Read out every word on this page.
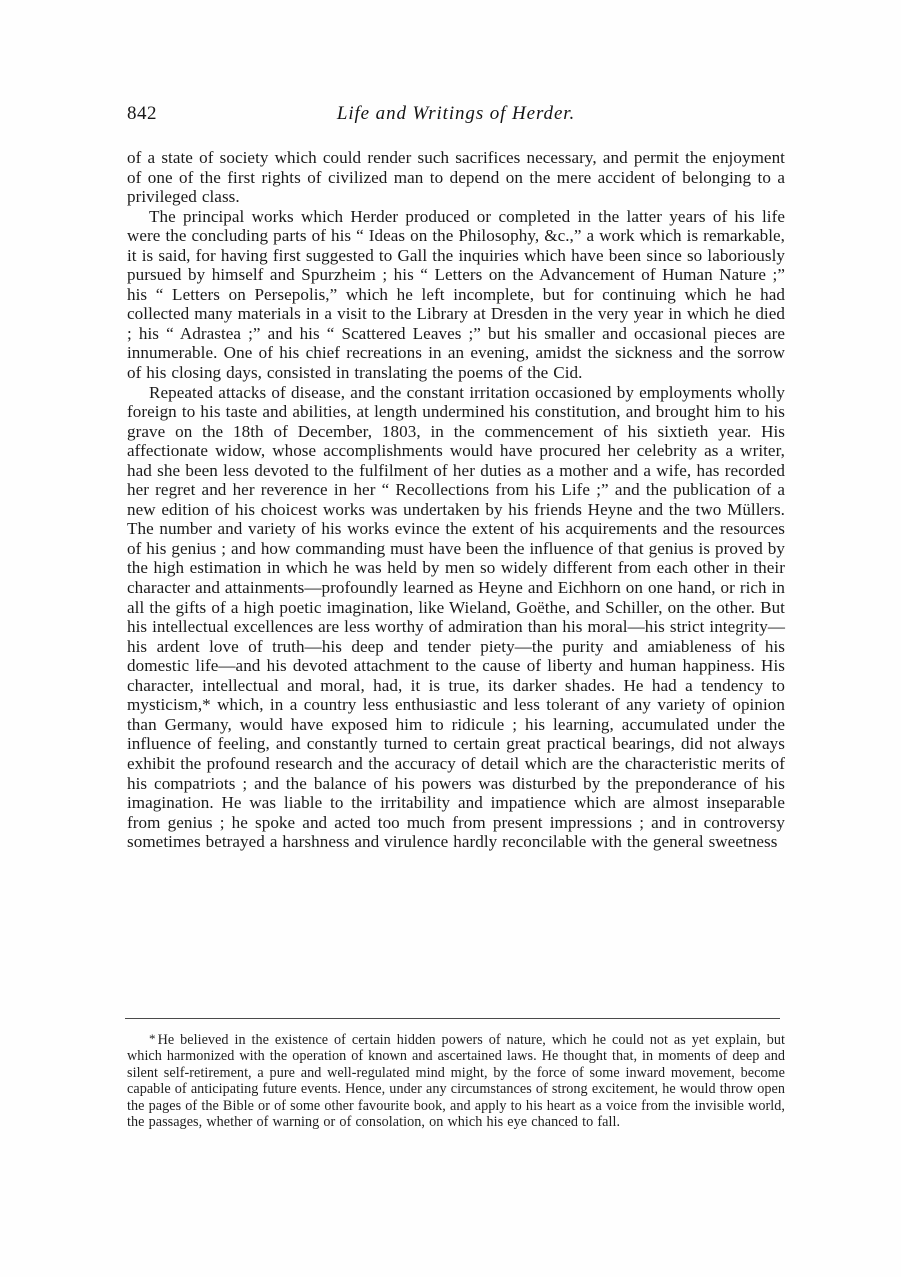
842	Life and Writings of Herder.

of a state of society which could render such sacrifices necessary, and permit the enjoyment of one of the first rights of civilized man to depend on the mere accident of belonging to a privileged class.

The principal works which Herder produced or completed in the latter years of his life were the concluding parts of his “ Ideas on the Philosophy, &c.,” a work which is remarkable, it is said, for having first suggested to Gall the inquiries which have been since so laboriously pursued by himself and Spurzheim ; his “ Letters on the Advancement of Human Nature ;” his “ Letters on Persepolis,” which he left incomplete, but for continuing which he had collected many materials in a visit to the Library at Dresden in the very year in which he died ; his “ Adrastea ;” and his “ Scattered Leaves ;” but his smaller and occasional pieces are innumerable. One of his chief recreations in an evening, amidst the sickness and the sorrow of his closing days, consisted in translating the poems of the Cid.

Repeated attacks of disease, and the constant irritation occasioned by employments wholly foreign to his taste and abilities, at length undermined his constitution, and brought him to his grave on the 18th of December, 1803, in the commencement of his sixtieth year. His affectionate widow, whose accomplishments would have procured her celebrity as a writer, had she been less devoted to the fulfilment of her duties as a mother and a wife, has recorded her regret and her reverence in her “ Recollections from his Life ;” and the publication of a new edition of his choicest works was undertaken by his friends Heyne and the two Müllers. The number and variety of his works evince the extent of his acquirements and the resources of his genius ; and how commanding must have been the influence of that genius is proved by the high estimation in which he was held by men so widely different from each other in their character and attainments—profoundly learned as Heyne and Eichhorn on one hand, or rich in all the gifts of a high poetic imagination, like Wieland, Goëthe, and Schiller, on the other. But his intellectual excellences are less worthy of admiration than his moral—his strict integrity—his ardent love of truth—his deep and tender piety—the purity and amiableness of his domestic life—and his devoted attachment to the cause of liberty and human happiness. His character, intellectual and moral, had, it is true, its darker shades. He had a tendency to mysticism,* which, in a country less enthusiastic and less tolerant of any variety of opinion than Germany, would have exposed him to ridicule ; his learning, accumulated under the influence of feeling, and constantly turned to certain great practical bearings, did not always exhibit the profound research and the accuracy of detail which are the characteristic merits of his compatriots ; and the balance of his powers was disturbed by the preponderance of his imagination. He was liable to the irritability and impatience which are almost inseparable from genius ; he spoke and acted too much from present impressions ; and in controversy sometimes betrayed a harshness and virulence hardly reconcilable with the general sweetness

* He believed in the existence of certain hidden powers of nature, which he could not as yet explain, but which harmonized with the operation of known and ascertained laws. He thought that, in moments of deep and silent self-retirement, a pure and well-regulated mind might, by the force of some inward movement, become capable of anticipating future events. Hence, under any circumstances of strong excitement, he would throw open the pages of the Bible or of some other favourite book, and apply to his heart as a voice from the invisible world, the passages, whether of warning or of consolation, on which his eye chanced to fall.
